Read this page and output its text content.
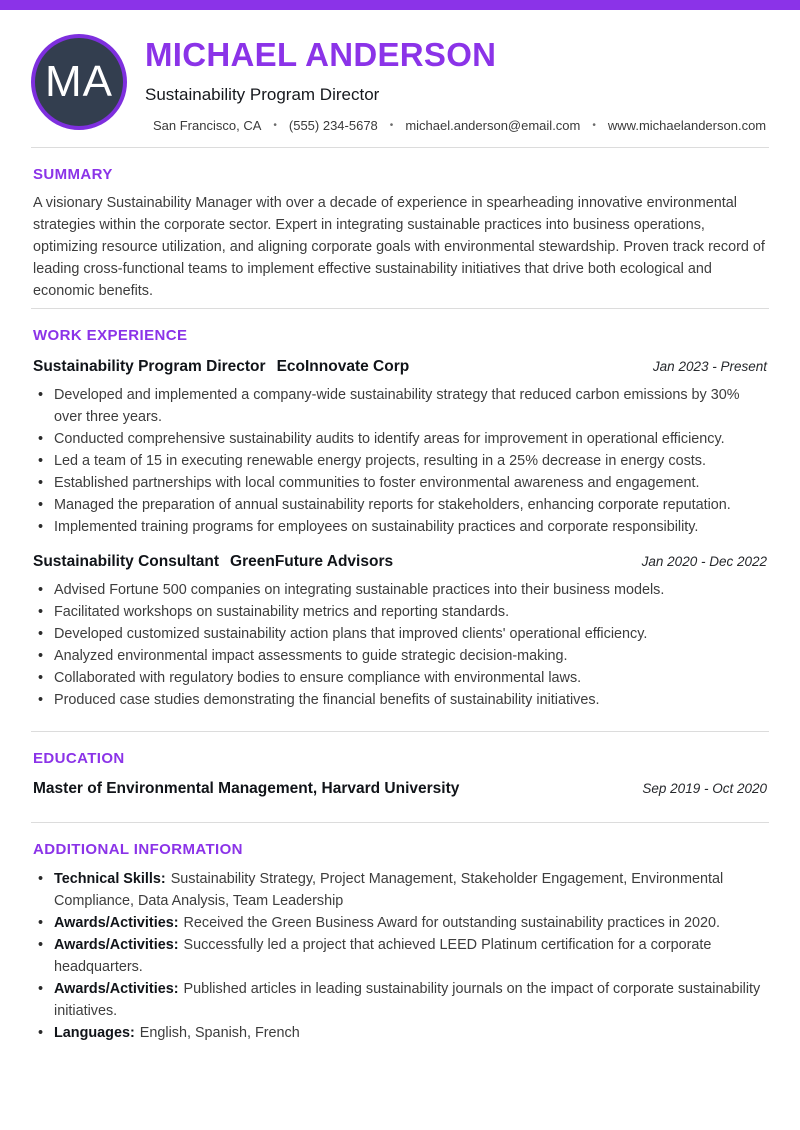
MA
MICHAEL ANDERSON
Sustainability Program Director
San Francisco, CA • (555) 234-5678 • michael.anderson@email.com • www.michaelanderson.com
SUMMARY

A visionary Sustainability Manager with over a decade of experience in spearheading innovative environmental strategies within the corporate sector. Expert in integrating sustainable practices into business operations, optimizing resource utilization, and aligning corporate goals with environmental stewardship. Proven track record of leading cross-functional teams to implement effective sustainability initiatives that drive both ecological and economic benefits.

WORK EXPERIENCE
Sustainability Program Director EcoInnovate Corp	Jan 2023 - Present
• Developed and implemented a company-wide sustainability strategy that reduced carbon emissions by 30% over three years.
• Conducted comprehensive sustainability audits to identify areas for improvement in operational efficiency.
• Led a team of 15 in executing renewable energy projects, resulting in a 25% decrease in energy costs.
• Established partnerships with local communities to foster environmental awareness and engagement.
• Managed the preparation of annual sustainability reports for stakeholders, enhancing corporate reputation.
• Implemented training programs for employees on sustainability practices and corporate responsibility.
Sustainability Consultant GreenFuture Advisors	Jan 2020 - Dec 2022
• Advised Fortune 500 companies on integrating sustainable practices into their business models.
• Facilitated workshops on sustainability metrics and reporting standards.
• Developed customized sustainability action plans that improved clients' operational efficiency.
• Analyzed environmental impact assessments to guide strategic decision-making.
• Collaborated with regulatory bodies to ensure compliance with environmental laws.
• Produced case studies demonstrating the financial benefits of sustainability initiatives.
EDUCATION
Master of Environmental Management, Harvard University	Sep 2019 - Oct 2020
ADDITIONAL INFORMATION
• Technical Skills: Sustainability Strategy, Project Management, Stakeholder Engagement, Environmental Compliance, Data Analysis, Team Leadership
• Awards/Activities: Received the Green Business Award for outstanding sustainability practices in 2020.
• Awards/Activities: Successfully led a project that achieved LEED Platinum certification for a corporate headquarters.
• Awards/Activities: Published articles in leading sustainability journals on the impact of corporate sustainability initiatives.
• Languages: English, Spanish, French
